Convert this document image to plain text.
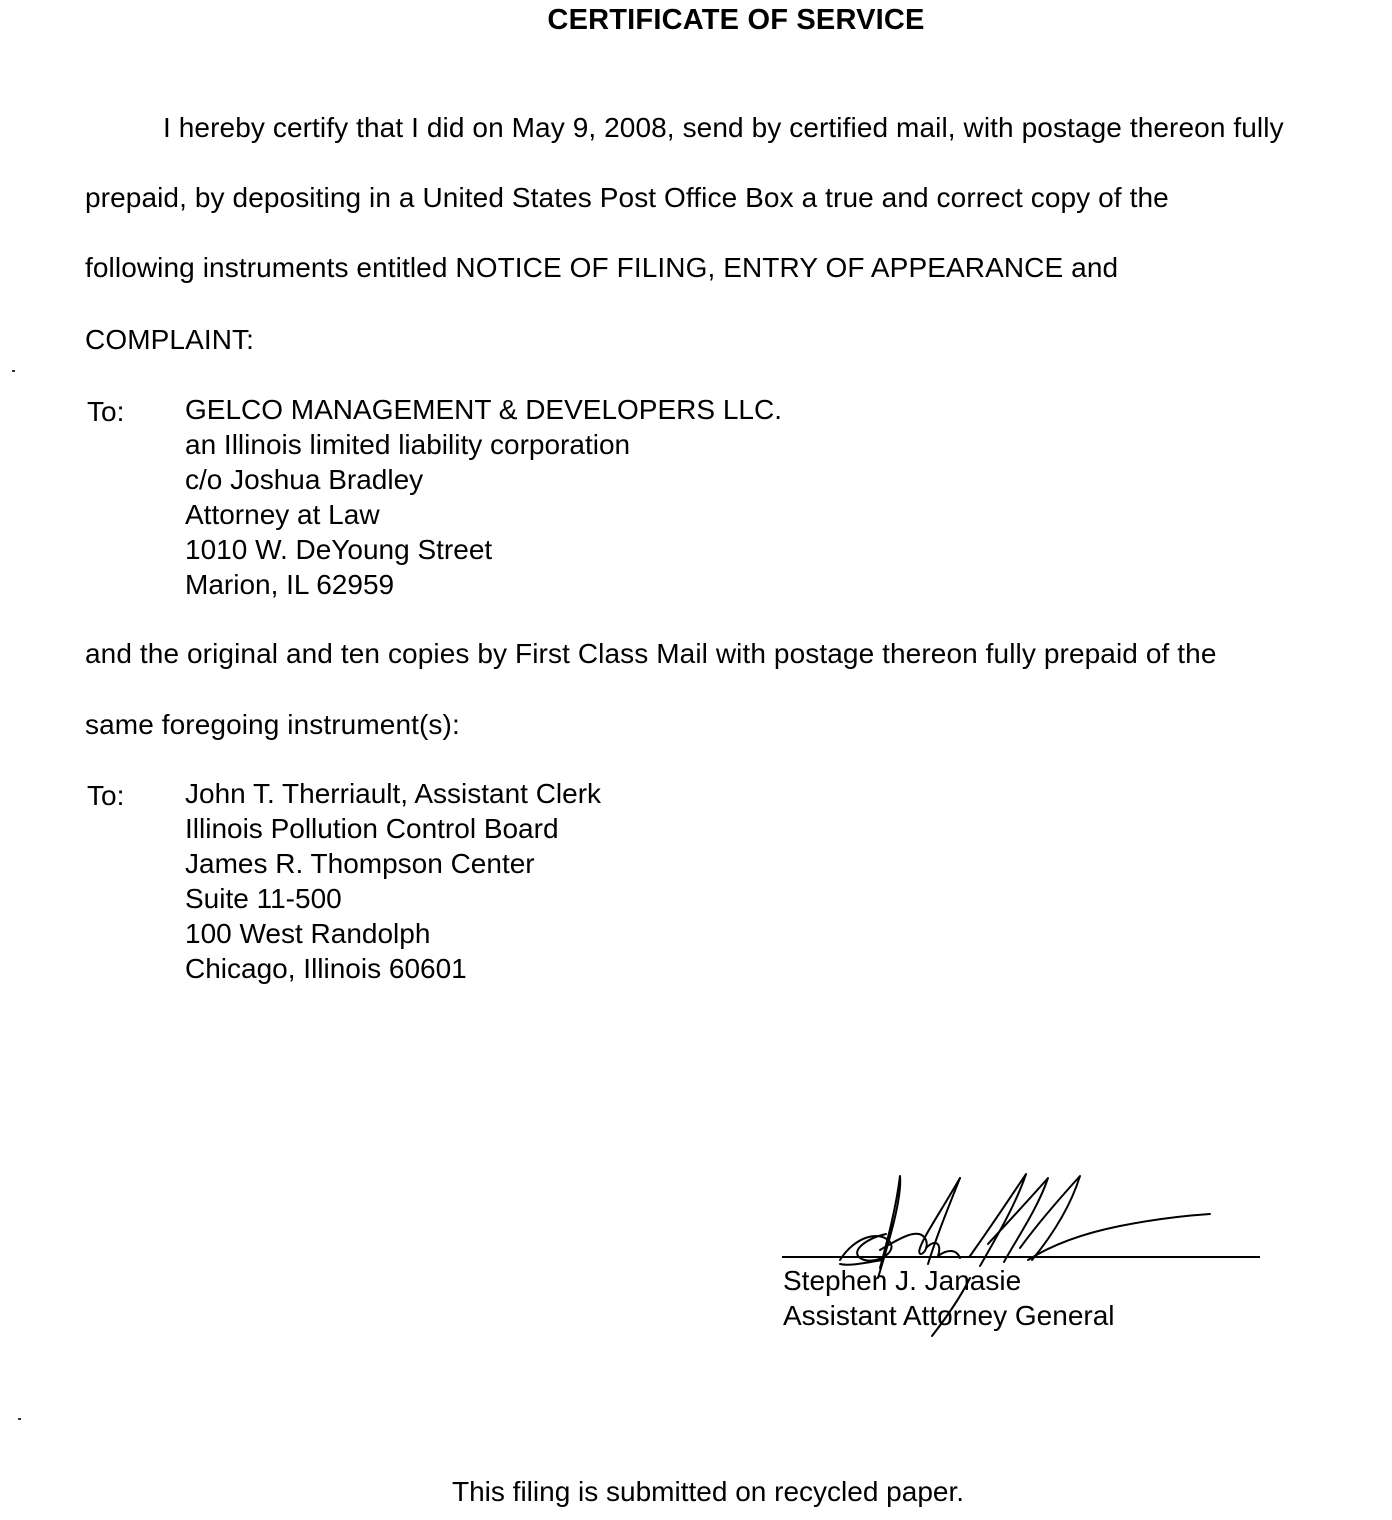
CERTIFICATE OF SERVICE
I hereby certify that I did on May 9, 2008, send by certified mail, with postage thereon fully
prepaid, by depositing in a United States Post Office Box a true and correct copy of the
following instruments entitled NOTICE OF FILING, ENTRY OF APPEARANCE and
COMPLAINT:
To: GELCO MANAGEMENT & DEVELOPERS LLC.
an Illinois limited liability corporation
c/o Joshua Bradley
Attorney at Law
1010 W. DeYoung Street
Marion, IL 62959
and the original and ten copies by First Class Mail with postage thereon fully prepaid of the
same foregoing instrument(s):
To: John T. Therriault, Assistant Clerk
Illinois Pollution Control Board
James R. Thompson Center
Suite 11-500
100 West Randolph
Chicago, Illinois 60601
Stephen J. Janasie
Assistant Attorney General
This filing is submitted on recycled paper.
